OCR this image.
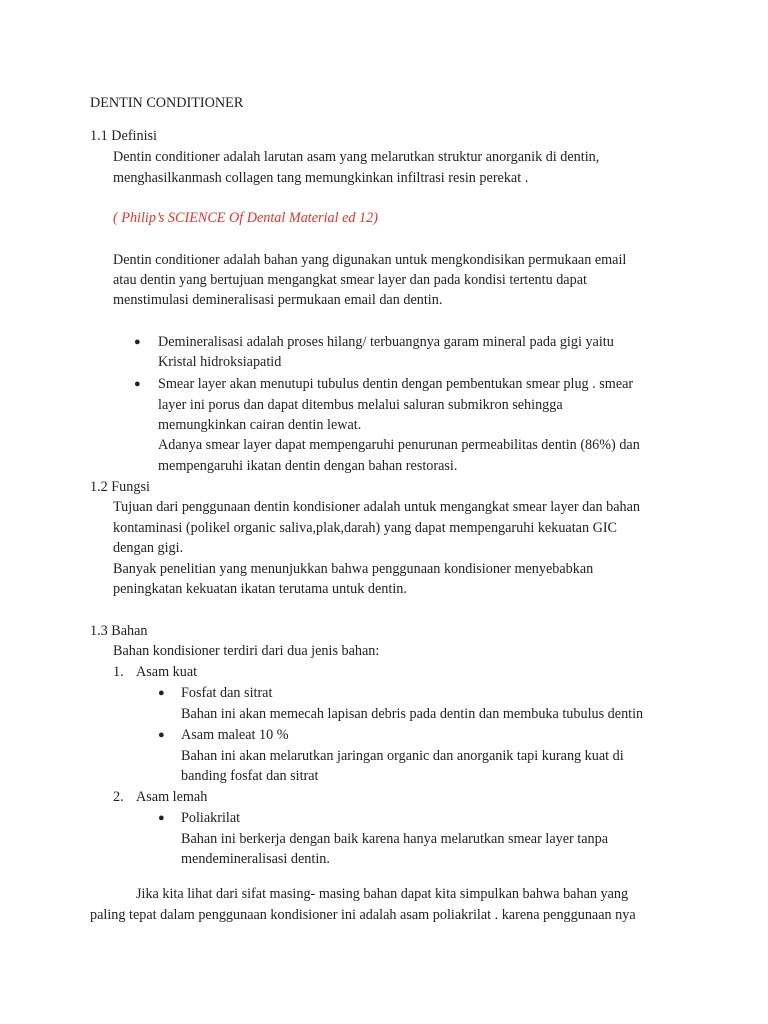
DENTIN CONDITIONER
1.1 Definisi
Dentin conditioner adalah larutan asam yang melarutkan struktur anorganik di dentin,
menghasilkanmash collagen tang memungkinkan infiltrasi resin perekat .
( Philip’s SCIENCE Of Dental Material ed 12)
Dentin conditioner adalah bahan yang digunakan untuk mengkondisikan permukaan email
atau dentin yang bertujuan mengangkat smear layer dan pada kondisi tertentu dapat
menstimulasi demineralisasi permukaan email dan dentin.
● Demineralisasi adalah proses hilang/ terbuangnya garam mineral pada gigi yaitu
Kristal hidroksiapatid
● Smear layer akan menutupi tubulus dentin dengan pembentukan smear plug . smear
layer ini porus dan dapat ditembus melalui saluran submikron sehingga
memungkinkan cairan dentin lewat.
Adanya smear layer dapat mempengaruhi penurunan permeabilitas dentin (86%) dan
mempengaruhi ikatan dentin dengan bahan restorasi.
1.2 Fungsi
Tujuan dari penggunaan dentin kondisioner adalah untuk mengangkat smear layer dan bahan
kontaminasi (polikel organic saliva,plak,darah) yang dapat mempengaruhi kekuatan GIC
dengan gigi.
Banyak penelitian yang menunjukkan bahwa penggunaan kondisioner menyebabkan
peningkatan kekuatan ikatan terutama untuk dentin.
1.3 Bahan
Bahan kondisioner terdiri dari dua jenis bahan:
1. Asam kuat
● Fosfat dan sitrat
Bahan ini akan memecah lapisan debris pada dentin dan membuka tubulus dentin
● Asam maleat 10 %
Bahan ini akan melarutkan jaringan organic dan anorganik tapi kurang kuat di
banding fosfat dan sitrat
2. Asam lemah
● Poliakrilat
Bahan ini berkerja dengan baik karena hanya melarutkan smear layer tanpa
mendemineralisasi dentin.
Jika kita lihat dari sifat masing- masing bahan dapat kita simpulkan bahwa bahan yang
paling tepat dalam penggunaan kondisioner ini adalah asam poliakrilat . karena penggunaan nya
